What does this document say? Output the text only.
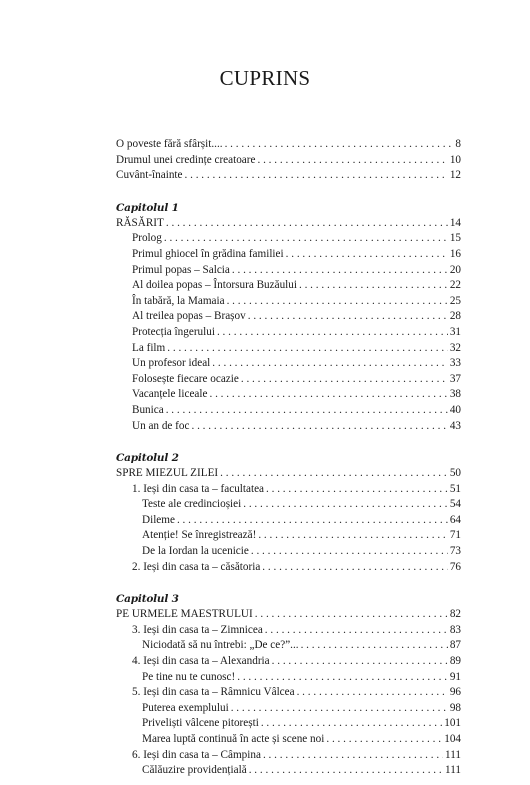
CUPRINS
O poveste fără sfârșit.... . . .	8
Drumul unei credințe creatoare . . .	10
Cuvânt-înainte . . .	12
Capitolul 1
RĂSĂRIT . . .	14
Prolog . . .	15
Primul ghiocel în grădina familiei . . .	16
Primul popas – Salcia . . .	20
Al doilea popas – Întorsura Buzăului . . .	22
În tabără, la Mamaia . . .	25
Al treilea popas – Brașov . . .	28
Protecția îngerului . . .	31
La film . . .	32
Un profesor ideal . . .	33
Folosește fiecare ocazie . . .	37
Vacanțele liceale . . .	38
Bunica . . .	40
Un an de foc . . .	43
Capitolul 2
SPRE MIEZUL ZILEI . . .	50
1. Ieși din casa ta – facultatea . . .	51
Teste ale credincioșiei . . .	54
Dileme . . .	64
Atenție! Se înregistrează! . . .	71
De la Iordan la ucenicie . . .	73
2. Ieși din casa ta – căsătoria . . .	76
Capitolul 3
PE URMELE MAESTRULUI . . .	82
3. Ieși din casa ta – Zimnicea . . .	83
Niciodată să nu întrebi: „De ce?”... . . .	87
4. Ieși din casa ta – Alexandria . . .	89
Pe tine nu te cunosc! . . .	91
5. Ieși din casa ta – Râmnicu Vâlcea . . .	96
Puterea exemplului . . .	98
Priveliști vâlcene pitorești . . .	101
Marea luptă continuă în acte și scene noi . . .	104
6. Ieși din casa ta – Câmpina . . .	111
Călăuzire providențială . . .	111
